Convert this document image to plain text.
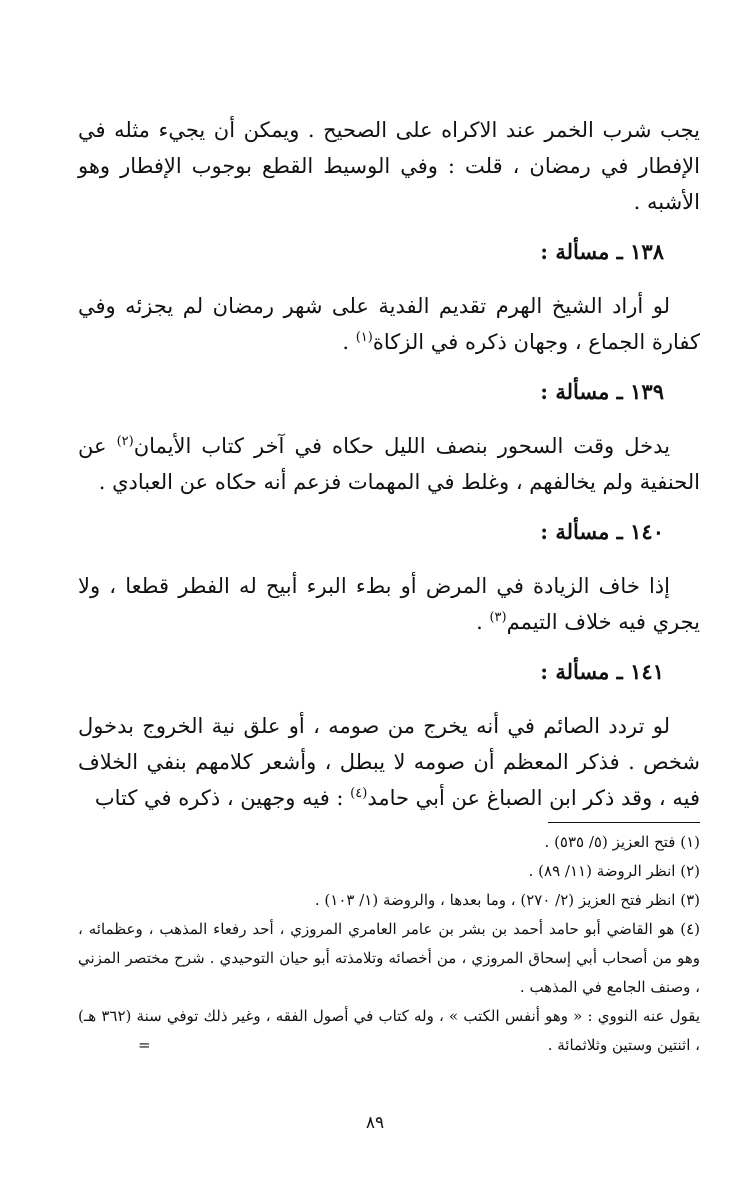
يجب شرب الخمر عند الاكراه على الصحيح . ويمكن أن يجيء مثله في الإفطار في رمضان ، قلت : وفي الوسيط القطع بوجوب الإفطار وهو الأشبه .

١٣٨ ـ مسألة :

لو أراد الشيخ الهرم تقديم الفدية على شهر رمضان لم يجزئه وفي كفارة الجماع ، وجهان ذكره في الزكاة$^{(١)}$ .

١٣٩ ـ مسألة :

يدخل وقت السحور بنصف الليل حكاه في آخر كتاب الأيمان$^{(٢)}$ عن الحنفية ولم يخالفهم ، وغلط في المهمات فزعم أنه حكاه عن العبادي .

١٤٠ ـ مسألة :

إذا خاف الزيادة في المرض أو بطء البرء أبيح له الفطر قطعا ، ولا يجري فيه خلاف التيمم$^{(٣)}$ .

١٤١ ـ مسألة :

لو تردد الصائم في أنه يخرج من صومه ، أو علق نية الخروج بدخول شخص . فذكر المعظم أن صومه لا يبطل ، وأشعر كلامهم بنفي الخلاف فيه ، وقد ذكر ابن الصباغ عن أبي حامد$^{(٤)}$ : فيه وجهين ، ذكره في كتاب

(١) فتح العزيز (٥/ ٥٣٥) .

(٢) انظر الروضة (١١/ ٨٩) .

(٣) انظر فتح العزيز (٢/ ٢٧٠) ، وما بعدها ، والروضة (١/ ١٠٣) .

(٤) هو القاضي أبو حامد أحمد بن بشر بن عامر العامري المروزي ، أحد رفعاء المذهب ، وعظمائه ، وهو من أصحاب أبي إسحاق المروزي ، من أخصائه وتلامذته أبو حيان التوحيدي . شرح مختصر المزني ، وصنف الجامع في المذهب .

يقول عنه النووي : « وهو أنفس الكتب » ، وله كتاب في أصول الفقه ، وغير ذلك توفي سنة (٣٦٢ هـ) ، اثنتين وستين وثلاثمائة .
=

٨٩
